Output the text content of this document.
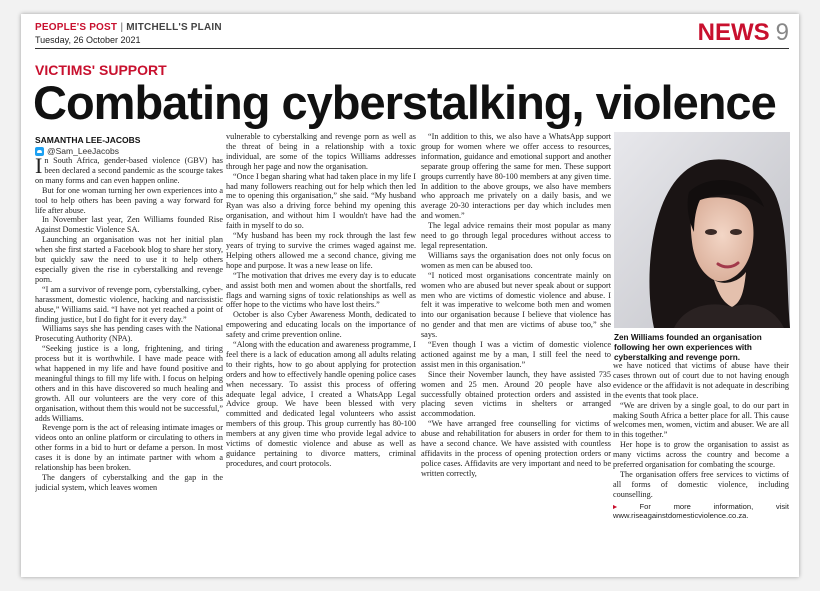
PEOPLE'S POST | MITCHELL'S PLAIN
Tuesday, 26 October 2021	NEWS 9
VICTIMS' SUPPORT
Combating cyberstalking, violence
SAMANTHA LEE-JACOBS
@Sam_LeeJacobs

In South Africa, gender-based violence (GBV) has been declared a second pandemic as the scourge takes on many forms and can even happen online.

But for one woman turning her own experiences into a tool to help others has been paving a way forward for life after abuse.

In November last year, Zen Williams founded Rise Against Domestic Violence SA.

Launching an organisation was not her initial plan when she first started a Facebook blog to share her story, but quickly saw the need to use it to help others especially given the rise in cyberstalking and revenge porn.

“I am a survivor of revenge porn, cyberstalking, cyber-harassment, domestic violence, hacking and narcissistic abuse,” Williams said. “I have not yet reached a point of finding justice, but I do fight for it every day.”

Williams says she has pending cases with the National Prosecuting Authority (NPA).

“Seeking justice is a long, frightening, and tiring process but it is worthwhile. I have made peace with what happened in my life and have found positive and meaningful things to fill my life with. I focus on helping others and in this have discovered so much healing and growth. All our volunteers are the very core of this organisation, without them this would not be successful,” adds Williams.

Revenge porn is the act of releasing intimate images or videos onto an online platform or circulating to others in other forms in a bid to hurt or defame a person. In most cases it is done by an intimate partner with whom a relationship has been broken.

The dangers of cyberstalking and the gap in the judicial system, which leaves women

vulnerable to cyberstalking and revenge porn as well as the threat of being in a relationship with a toxic individual, are some of the topics Williams addresses through her page and now the organisation.

“Once I began sharing what had taken place in my life I had many followers reaching out for help which then led me to opening this organisation,” she said. “My husband Ryan was also a driving force behind my opening this organisation, and without him I wouldn't have had the faith in myself to do so.

“My husband has been my rock through the last few years of trying to survive the crimes waged against me. Helping others allowed me a second chance, giving me hope and purpose. It was a new lease on life.

“The motivation that drives me every day is to educate and assist both men and women about the shortfalls, red flags and warning signs of toxic relationships as well as offer hope to the victims who have lost theirs.”

October is also Cyber Awareness Month, dedicated to empowering and educating locals on the importance of safety and crime prevention online.

“Along with the education and awareness programme, I feel there is a lack of education among all adults relating to their rights, how to go about applying for protection orders and how to effectively handle opening police cases when necessary. To assist this process of offering adequate legal advice, I created a WhatsApp Legal Advice group. We have been blessed with very committed and dedicated legal volunteers who assist members of this group. This group currently has 80-100 members at any given time who provide legal advice to victims of domestic violence and abuse as well as guidance pertaining to divorce matters, criminal procedures, and court protocols.

“In addition to this, we also have a WhatsApp support group for women where we offer access to resources, information, guidance and emotional support and another separate group offering the same for men. These support groups currently have 80-100 members at any given time. In addition to the above groups, we also have members who approach me privately on a daily basis, and we average 20-30 interactions per day which includes men and women.”

The legal advice remains their most popular as many need to go through legal procedures without access to legal representation.

Williams says the organisation does not only focus on women as men can be abused too.

“I noticed most organisations concentrate mainly on women who are abused but never speak about or support men who are victims of domestic violence and abuse. I felt it was imperative to welcome both men and women into our organisation because I believe that violence has no gender and that men are victims of abuse too,” she says.

“Even though I was a victim of domestic violence actioned against me by a man, I still feel the need to assist men in this organisation.”

Since their November launch, they have assisted 735 women and 25 men. Around 20 people have also successfully obtained protection orders and assisted in placing seven victims in shelters or arranged accommodation.

“We have arranged free counselling for victims of abuse and rehabilitation for abusers in order for them to have a second chance. We have assisted with countless affidavits in the process of opening protection orders or police cases. Affidavits are very important and need to be written correctly,

Zen Williams founded an organisation following her own experiences with cyberstalking and revenge porn.

we have noticed that victims of abuse have their cases thrown out of court due to not having enough evidence or the affidavit is not adequate in describing the events that took place.

“We are driven by a single goal, to do our part in making South Africa a better place for all. This cause welcomes men, women, victim and abuser. We are all in this together.”

Her hope is to grow the organisation to assist as many victims across the country and become a preferred organisation for combating the scourge.

The organisation offers free services to victims of all forms of domestic violence, including counselling.

▸	For more information, visit www.riseagainstdomesticviolence.co.za.
